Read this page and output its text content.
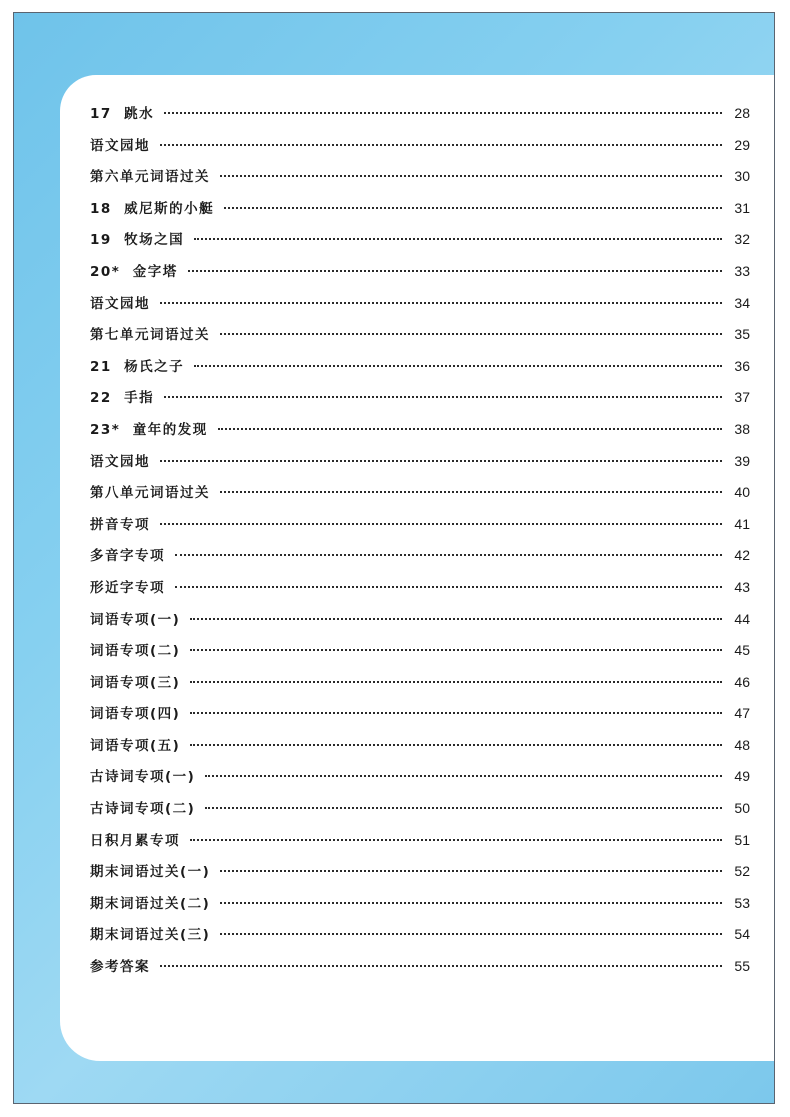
17  跳水	28
语文园地	29
第六单元词语过关	30
18  威尼斯的小艇	31
19  牧场之国	32
20*  金字塔	33
语文园地	34
第七单元词语过关	35
21  杨氏之子	36
22  手指	37
23*  童年的发现	38
语文园地	39
第八单元词语过关	40
拼音专项	41
多音字专项	42
形近字专项	43
词语专项(一)	44
词语专项(二)	45
词语专项(三)	46
词语专项(四)	47
词语专项(五)	48
古诗词专项(一)	49
古诗词专项(二)	50
日积月累专项	51
期末词语过关(一)	52
期末词语过关(二)	53
期末词语过关(三)	54
参考答案	55
